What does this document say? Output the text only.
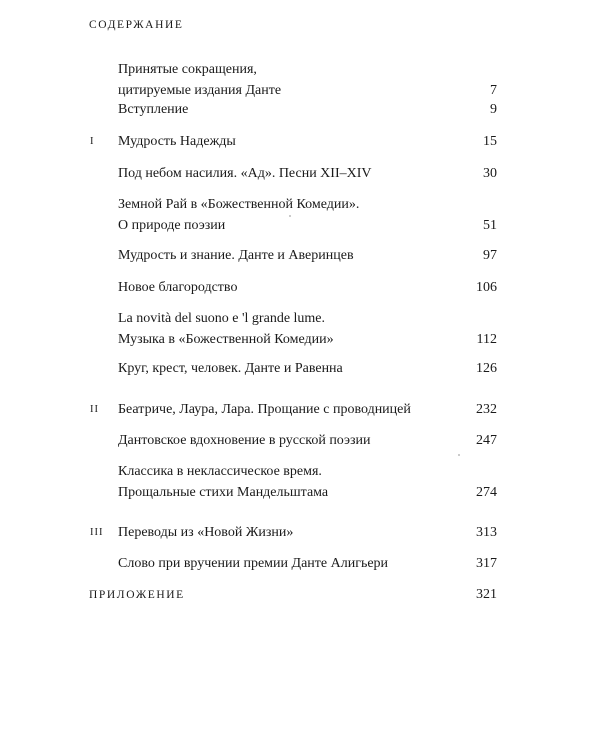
СОДЕРЖАНИЕ
Принятые сокращения,
цитируемые издания Данте	7
Вступление	9
I Мудрость Надежды	15
Под небом насилия. «Ад». Песни XII–XIV	30
Земной Рай в «Божественной Комедии».
О природе поэзии	51
Мудрость и знание. Данте и Аверинцев	97
Новое благородство	106
La novità del suono e 'l grande lume.
Музыка в «Божественной Комедии»	112
Круг, крест, человек. Данте и Равенна	126
II Беатриче, Лаура, Лара. Прощание с проводницей	232
Дантовское вдохновение в русской поэзии	247
Классика в неклассическое время.
Прощальные стихи Мандельштама	274
III Переводы из «Новой Жизни»	313
Слово при вручении премии Данте Алигьери	317
ПРИЛОЖЕНИЕ	321
